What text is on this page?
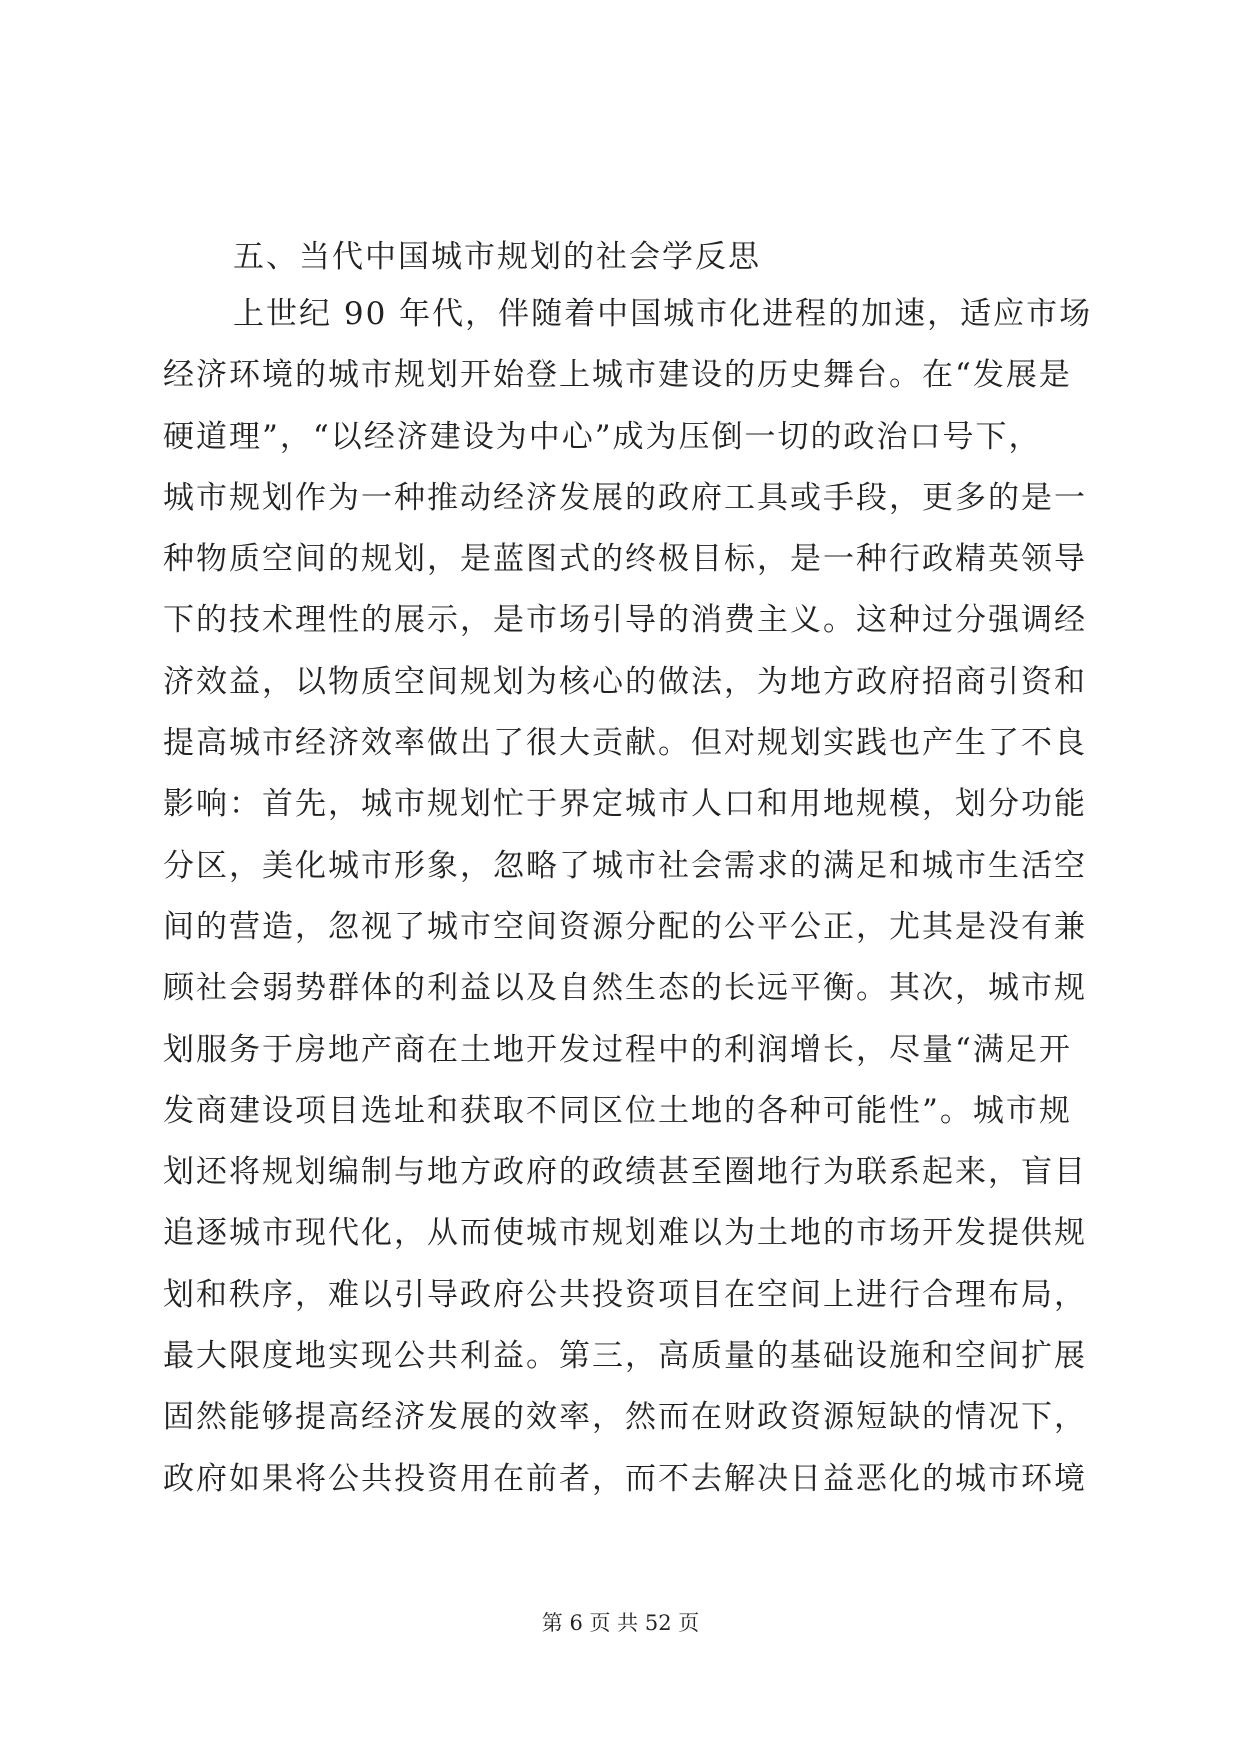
五、当代中国城市规划的社会学反思
上世纪 90 年代，伴随着中国城市化进程的加速，适应市场
经济环境的城市规划开始登上城市建设的历史舞台。在“发展是
硬道理”，“以经济建设为中心”成为压倒一切的政治口号下，
城市规划作为一种推动经济发展的政府工具或手段，更多的是一
种物质空间的规划，是蓝图式的终极目标，是一种行政精英领导
下的技术理性的展示，是市场引导的消费主义。这种过分强调经
济效益，以物质空间规划为核心的做法，为地方政府招商引资和
提高城市经济效率做出了很大贡献。但对规划实践也产生了不良
影响：首先，城市规划忙于界定城市人口和用地规模，划分功能
分区，美化城市形象，忽略了城市社会需求的满足和城市生活空
间的营造，忽视了城市空间资源分配的公平公正，尤其是没有兼
顾社会弱势群体的利益以及自然生态的长远平衡。其次，城市规
划服务于房地产商在土地开发过程中的利润增长，尽量“满足开
发商建设项目选址和获取不同区位土地的各种可能性”。城市规
划还将规划编制与地方政府的政绩甚至圈地行为联系起来，盲目
追逐城市现代化，从而使城市规划难以为土地的市场开发提供规
划和秩序，难以引导政府公共投资项目在空间上进行合理布局，
最大限度地实现公共利益。第三，高质量的基础设施和空间扩展
固然能够提高经济发展的效率，然而在财政资源短缺的情况下，
政府如果将公共投资用在前者，而不去解决日益恶化的城市环境
第 6 页 共 52 页
